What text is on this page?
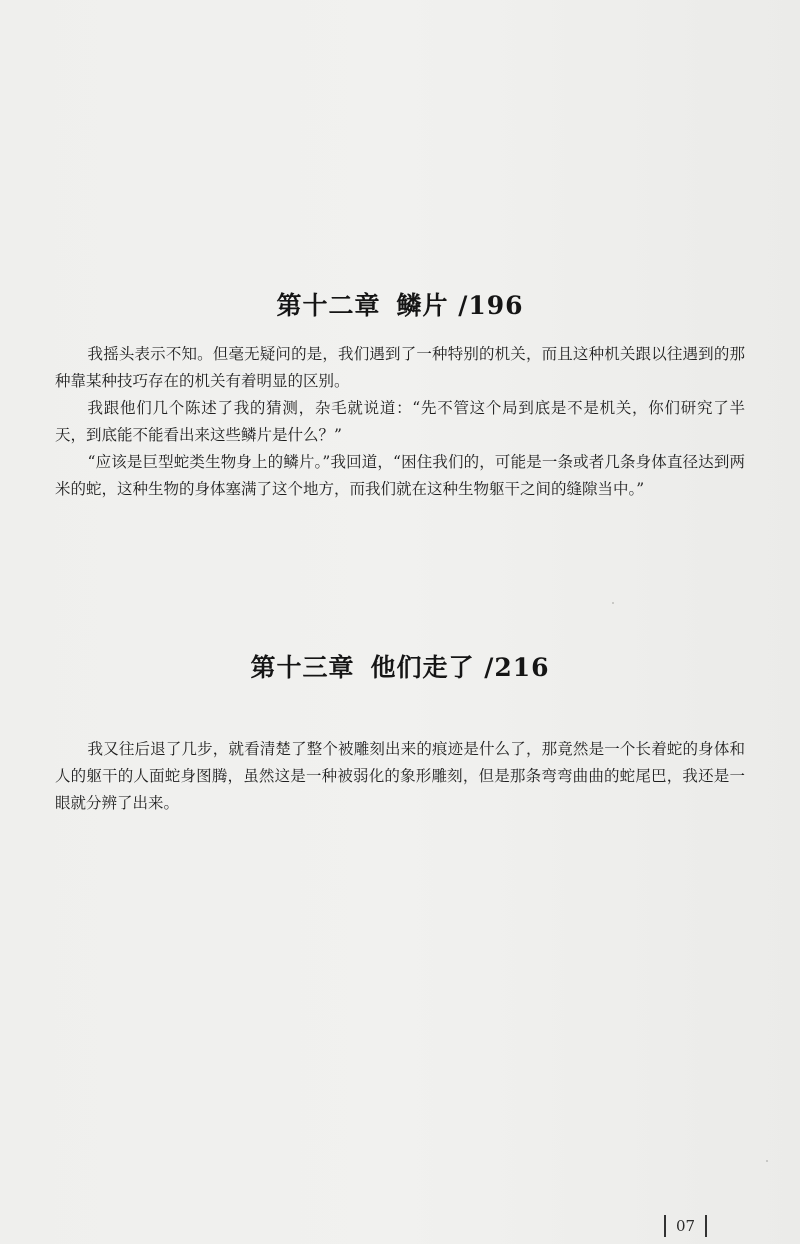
第十二章 鳞片 /196

我摇头表示不知。但毫无疑问的是，我们遇到了一种特别的机关，而且这种机关跟以往遇到的那种靠某种技巧存在的机关有着明显的区别。

我跟他们几个陈述了我的猜测，杂毛就说道：“先不管这个局到底是不是机关，你们研究了半天，到底能不能看出来这些鳞片是什么？”

“应该是巨型蛇类生物身上的鳞片。”我回道，“困住我们的，可能是一条或者几条身体直径达到两米的蛇，这种生物的身体塞满了这个地方，而我们就在这种生物躯干之间的缝隙当中。”

第十三章 他们走了 /216

我又往后退了几步，就看清楚了整个被雕刻出来的痕迹是什么了，那竟然是一个长着蛇的身体和人的躯干的人面蛇身图腾，虽然这是一种被弱化的象形雕刻，但是那条弯弯曲曲的蛇尾巴，我还是一眼就分辨了出来。

07
